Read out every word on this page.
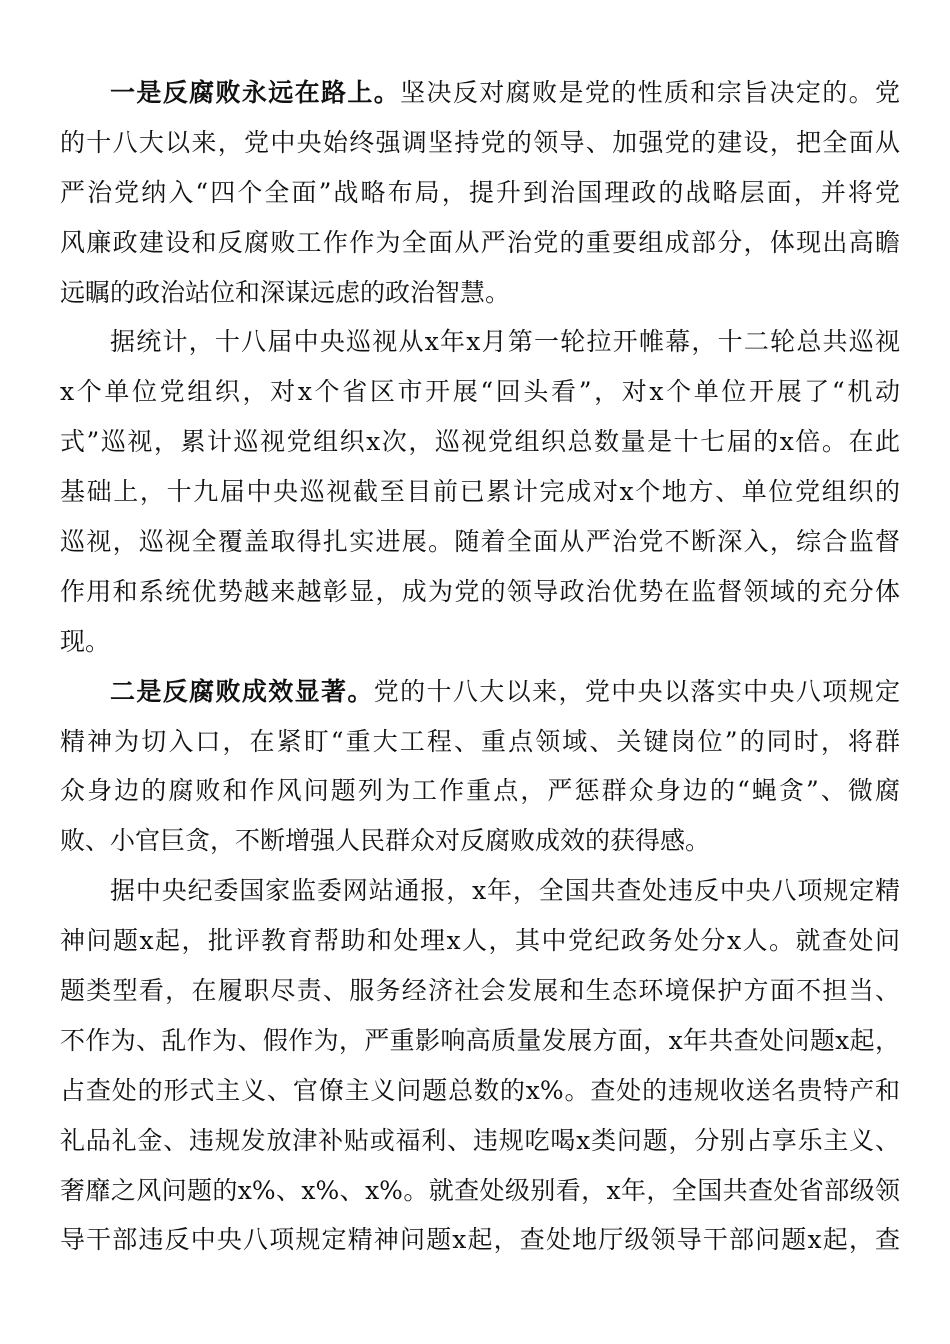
一是反腐败永远在路上。坚决反对腐败是党的性质和宗旨决定的。党
的十八大以来，党中央始终强调坚持党的领导、加强党的建设，把全面从
严治党纳入“四个全面”战略布局，提升到治国理政的战略层面，并将党
风廉政建设和反腐败工作作为全面从严治党的重要组成部分，体现出高瞻
远瞩的政治站位和深谋远虑的政治智慧。
据统计，十八届中央巡视从x年x月第一轮拉开帷幕，十二轮总共巡视
x个单位党组织，对x个省区市开展“回头看”，对x个单位开展了“机动
式”巡视，累计巡视党组织x次，巡视党组织总数量是十七届的x倍。在此
基础上，十九届中央巡视截至目前已累计完成对x个地方、单位党组织的
巡视，巡视全覆盖取得扎实进展。随着全面从严治党不断深入，综合监督
作用和系统优势越来越彰显，成为党的领导政治优势在监督领域的充分体
现。
二是反腐败成效显著。党的十八大以来，党中央以落实中央八项规定
精神为切入口，在紧盯“重大工程、重点领域、关键岗位”的同时，将群
众身边的腐败和作风问题列为工作重点，严惩群众身边的“蝇贪”、微腐
败、小官巨贪，不断增强人民群众对反腐败成效的获得感。
据中央纪委国家监委网站通报，x年，全国共查处违反中央八项规定精
神问题x起，批评教育帮助和处理x人，其中党纪政务处分x人。就查处问
题类型看，在履职尽责、服务经济社会发展和生态环境保护方面不担当、
不作为、乱作为、假作为，严重影响高质量发展方面，x年共查处问题x起，
占查处的形式主义、官僚主义问题总数的x%。查处的违规收送名贵特产和
礼品礼金、违规发放津补贴或福利、违规吃喝x类问题，分别占享乐主义、
奢靡之风问题的x%、x%、x%。就查处级别看，x年，全国共查处省部级领
导干部违反中央八项规定精神问题x起，查处地厅级领导干部问题x起，查
